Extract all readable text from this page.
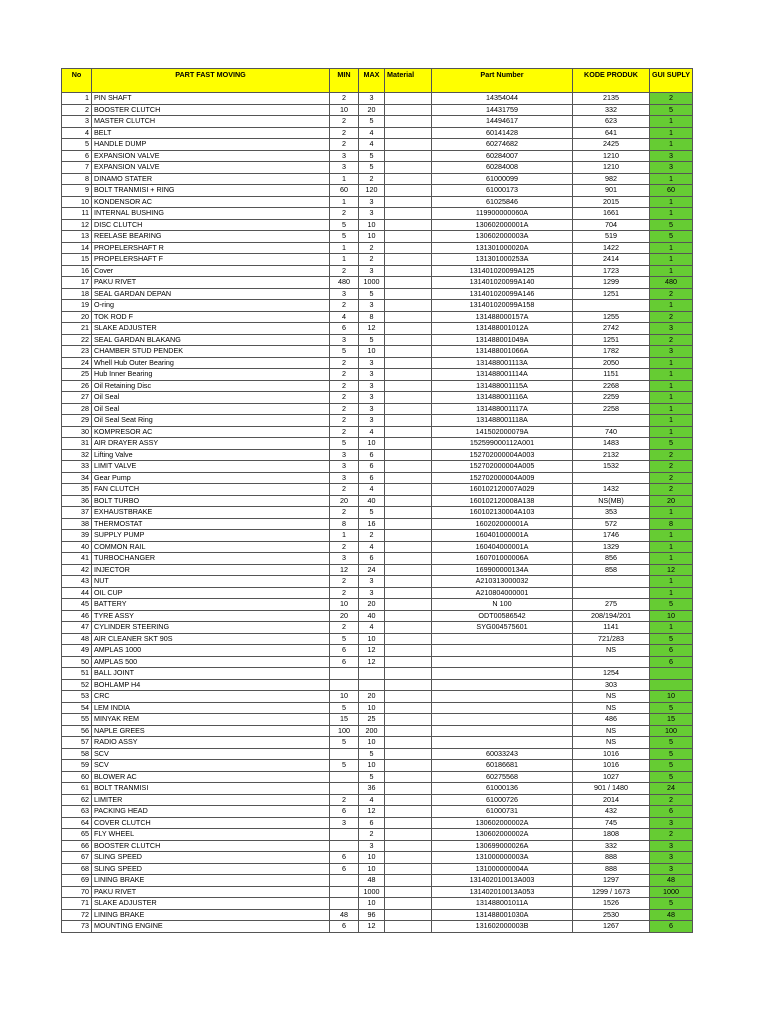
No	PART FAST MOVING	MIN	MAX	Material	Part Number	KODE PRODUK	GUI SUPLY
1	PIN SHAFT	2	3		14354044	2135	2
2	BOOSTER CLUTCH	10	20		14431759	332	5
3	MASTER CLUTCH	2	5		14494617	623	1
4	BELT	2	4		60141428	641	1
5	HANDLE DUMP	2	4		60274682	2425	1
6	EXPANSION VALVE	3	5		60284007	1210	3
7	EXPANSION VALVE	3	5		60284008	1210	3
8	DINAMO STATER	1	2		61000099	982	1
9	BOLT TRANMISI + RING	60	120		61000173	901	60
10	KONDENSOR AC	1	3		61025846	2015	1
11	INTERNAL BUSHING	2	3		119900000060A	1661	1
12	DISC CLUTCH	5	10		130602000001A	704	5
13	REELASE BEARING	5	10		130602000003A	519	5
14	PROPELERSHAFT R	1	2		131301000020A	1422	1
15	PROPELERSHAFT F	1	2		131301000253A	2414	1
16	Cover	2	3		131401020099A125	1723	1
17	PAKU RIVET	480	1000		131401020099A140	1299	480
18	SEAL GARDAN DEPAN	3	5		131401020099A146	1251	2
19	O-ring	2	3		131401020099A158		1
20	TOK ROD F	4	8		131488000157A	1255	2
21	SLAKE ADJUSTER	6	12		131488001012A	2742	3
22	SEAL GARDAN BLAKANG	3	5		131488001049A	1251	2
23	CHAMBER STUD PENDEK	5	10		131488001066A	1782	3
24	Whell Hub Outer Bearing	2	3		131488001113A	2050	1
25	Hub Inner Bearing	2	3		131488001114A	1151	1
26	Oil Retaining Disc	2	3		131488001115A	2268	1
27	Oil Seal	2	3		131488001116A	2259	1
28	Oil Seal	2	3		131488001117A	2258	1
29	Oil Seal Seat Ring	2	3		131488001118A		1
30	KOMPRESOR AC	2	4		141502000079A	740	1
31	AIR DRAYER ASSY	5	10		152599000112A001	1483	5
32	Lifting Valve	3	6		152702000004A003	2132	2
33	LIMIT VALVE	3	6		152702000004A005	1532	2
34	Gear Pump	3	6		152702000004A009		2
35	FAN CLUTCH	2	4		160102120007A029	1432	2
36	BOLT TURBO	20	40		160102120008A138	NS(MB)	20
37	EXHAUSTBRAKE	2	5		160102130004A103	353	1
38	THERMOSTAT	8	16		160202000001A	572	8
39	SUPPLY PUMP	1	2		160401000001A	1746	1
40	COMMON RAIL	2	4		160404000001A	1329	1
41	TURBOCHANGER	3	6		160701000006A	856	1
42	INJECTOR	12	24		169900000134A	858	12
43	NUT	2	3		A210313000032		1
44	OIL CUP	2	3		A210804000001		1
45	BATTERY	10	20		N 100	275	5
46	TYRE ASSY	20	40		ODT00586542	208/194/201	10
47	CYLINDER STEERING	2	4		SYG004575601	1141	1
48	AIR CLEANER SKT 90S	5	10			721/283	5
49	AMPLAS 1000	6	12			NS	6
50	AMPLAS 500	6	12				6
51	BALL JOINT					1254	
52	BOHLAMP H4					303	
53	CRC	10	20			NS	10
54	LEM INDIA	5	10			NS	5
55	MINYAK REM	15	25			486	15
56	NAPLE GREES	100	200			NS	100
57	RADIO ASSY	5	10			NS	5
58	SCV		5		60033243	1016	5
59	SCV	5	10		60186681	1016	5
60	BLOWER AC		5		60275568	1027	5
61	BOLT TRANMISI		36		61000136	901 / 1480	24
62	LIMITER	2	4		61000726	2014	2
63	PACKING HEAD	6	12		61000731	432	6
64	COVER CLUTCH	3	6		130602000002A	745	3
65	FLY WHEEL		2		130602000002A	1808	2
66	BOOSTER CLUTCH		3		130699000026A	332	3
67	SLING SPEED	6	10		131000000003A	888	3
68	SLING SPEED	6	10		131000000004A	888	3
69	LINING BRAKE		48		131402010013A003	1297	48
70	PAKU RIVET		1000		131402010013A053	1299 / 1673	1000
71	SLAKE ADJUSTER		10		131488001011A	1526	5
72	LINING BRAKE	48	96		131488001030A	2530	48
73	MOUNTING ENGINE	6	12		131602000003B	1267	6
